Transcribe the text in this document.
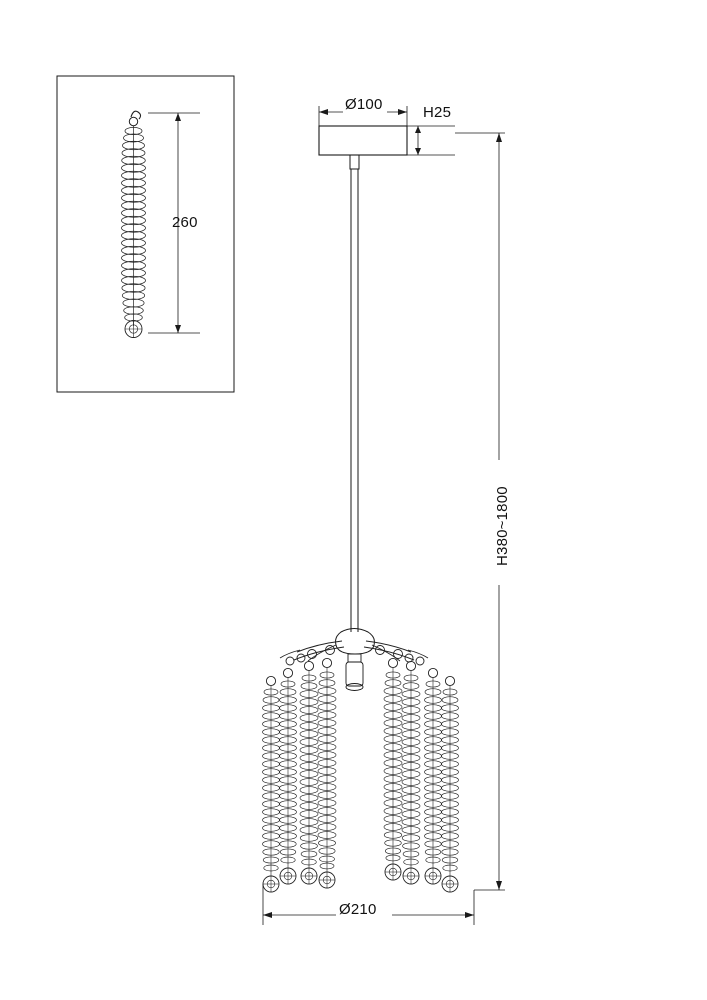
Ø100	H25
260
Ø210
H380~1800
